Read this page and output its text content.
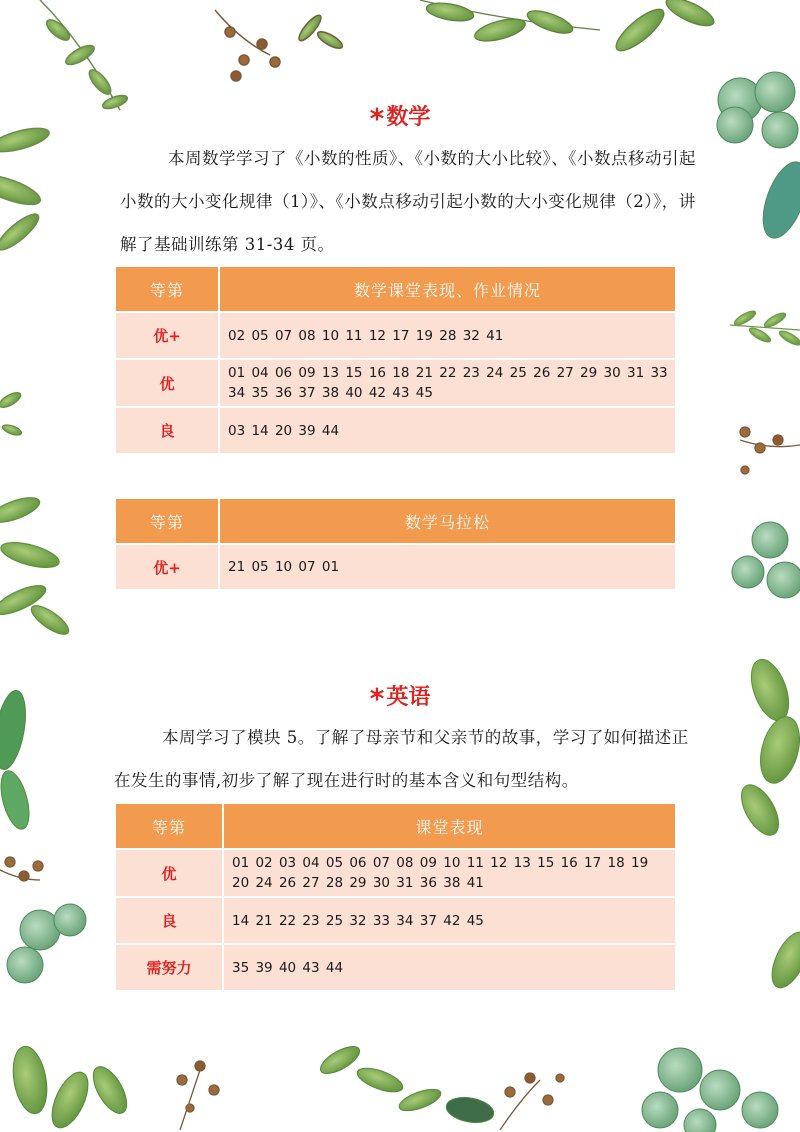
*数学
本周数学学习了《小数的性质》、《小数的大小比较》、《小数点移动引起小数的大小变化规律（1）》、《小数点移动引起小数的大小变化规律（2）》，讲解了基础训练第 31-34 页。
等第	数学课堂表现、作业情况
优+	02 05 07 08 10 11 12 17 19 28 32 41
优	01 04 06 09 13 15 16 18 21 22 23 24 25 26 27 29 30 31 33 34 35 36 37 38 40 42 43 45
良	03 14 20 39 44
等第	数学马拉松
优+	21 05 10 07 01
*英语
本周学习了模块 5。了解了母亲节和父亲节的故事，学习了如何描述正在发生的事情,初步了解了现在进行时的基本含义和句型结构。
等第	课堂表现
优	01 02 03 04 05 06 07 08 09 10 11 12 13 15 16 17 18 19 20 24 26 27 28 29 30 31 36 38 41
良	14 21 22 23 25 32 33 34 37 42 45
需努力	35 39 40 43 44
